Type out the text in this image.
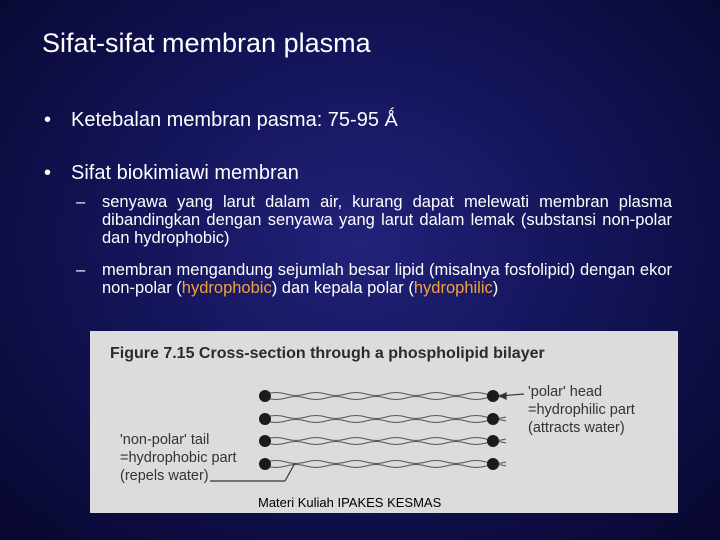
Sifat-sifat membran plasma
• Ketebalan membran pasma: 75-95 Ǻ
• Sifat biokimiawi membran
– senyawa yang larut dalam air, kurang dapat melewati membran plasma dibandingkan dengan senyawa yang larut dalam lemak (substansi non-polar dan hydrophobic)
– membran mengandung sejumlah besar lipid (misalnya fosfolipid) dengan ekor non-polar (hydrophobic) dan kepala polar (hydrophilic)
Figure 7.15 Cross-section through a phospholipid bilayer
'polar' head
=hydrophilic part
(attracts water)
'non-polar' tail
=hydrophobic part
(repels water)
Materi Kuliah IPAKES KESMAS
